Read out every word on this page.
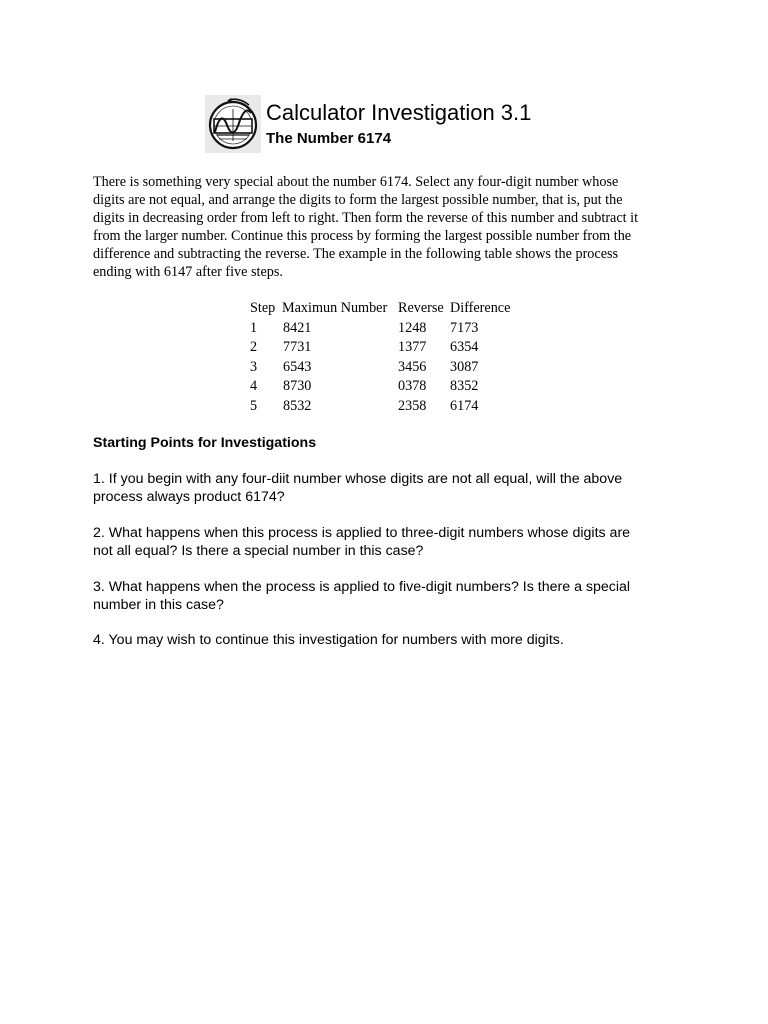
Calculator Investigation 3.1
The Number 6174
There is something very special about the number 6174. Select any four-digit number whose
digits are not equal, and arrange the digits to form the largest possible number, that is, put the
digits in decreasing order from left to right. Then form the reverse of this number and subtract it
from the larger number. Continue this process by forming the largest possible number from the
difference and subtracting the reverse. The example in the following table shows the process
ending with 6147 after five steps.
Step Maximun Number Reverse Difference
1 8421	1248 7173
2 7731	1377 6354
3 6543	3456 3087
4 8730	0378 8352
5 8532	2358 6174
Starting Points for Investigations
1. If you begin with any four-diit number whose digits are not all equal, will the above
process always product 6174?
2. What happens when this process is applied to three-digit numbers whose digits are
not all equal? Is there a special number in this case?
3. What happens when the process is applied to five-digit numbers? Is there a special
number in this case?
4. You may wish to continue this investigation for numbers with more digits.
